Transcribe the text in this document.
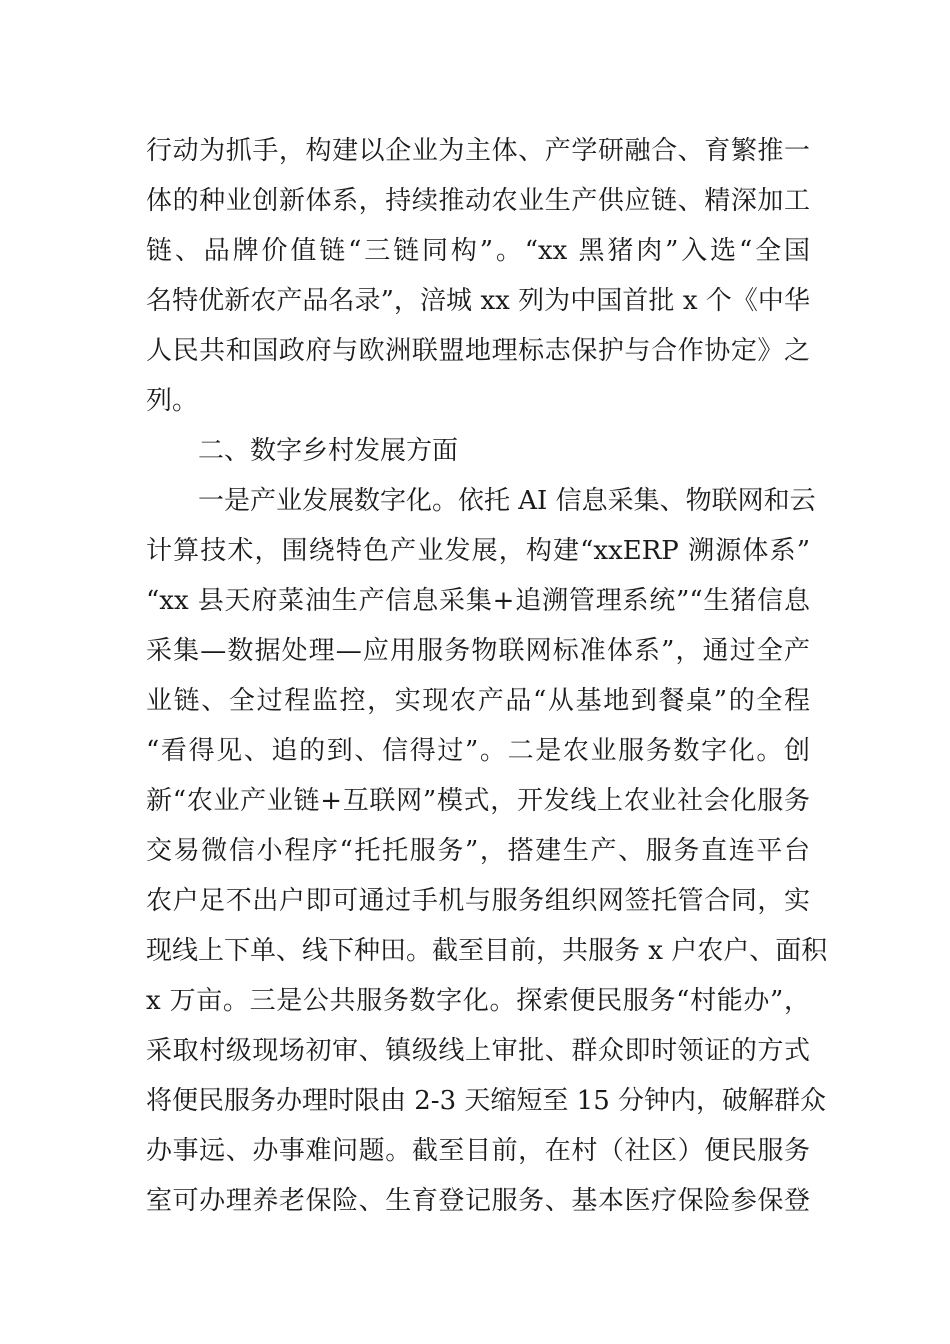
行动为抓手，构建以企业为主体、产学研融合、育繁推一
体的种业创新体系，持续推动农业生产供应链、精深加工
链、品牌价值链“三链同构”。“xx 黑猪肉”入选“全国
名特优新农产品名录”，涪城 xx 列为中国首批 x 个《中华
人民共和国政府与欧洲联盟地理标志保护与合作协定》之
列。
二、数字乡村发展方面
一是产业发展数字化。依托 AI 信息采集、物联网和云
计算技术，围绕特色产业发展，构建“xxERP 溯源体系”
“xx 县天府菜油生产信息采集+追溯管理系统”“生猪信息
采集—数据处理—应用服务物联网标准体系”，通过全产
业链、全过程监控，实现农产品“从基地到餐桌”的全程
“看得见、追的到、信得过”。二是农业服务数字化。创
新“农业产业链+互联网”模式，开发线上农业社会化服务
交易微信小程序“托托服务”，搭建生产、服务直连平台
农户足不出户即可通过手机与服务组织网签托管合同，实
现线上下单、线下种田。截至目前，共服务 x 户农户、面积
x 万亩。三是公共服务数字化。探索便民服务“村能办”，
采取村级现场初审、镇级线上审批、群众即时领证的方式
将便民服务办理时限由 2-3 天缩短至 15 分钟内，破解群众
办事远、办事难问题。截至目前，在村（社区）便民服务
室可办理养老保险、生育登记服务、基本医疗保险参保登
